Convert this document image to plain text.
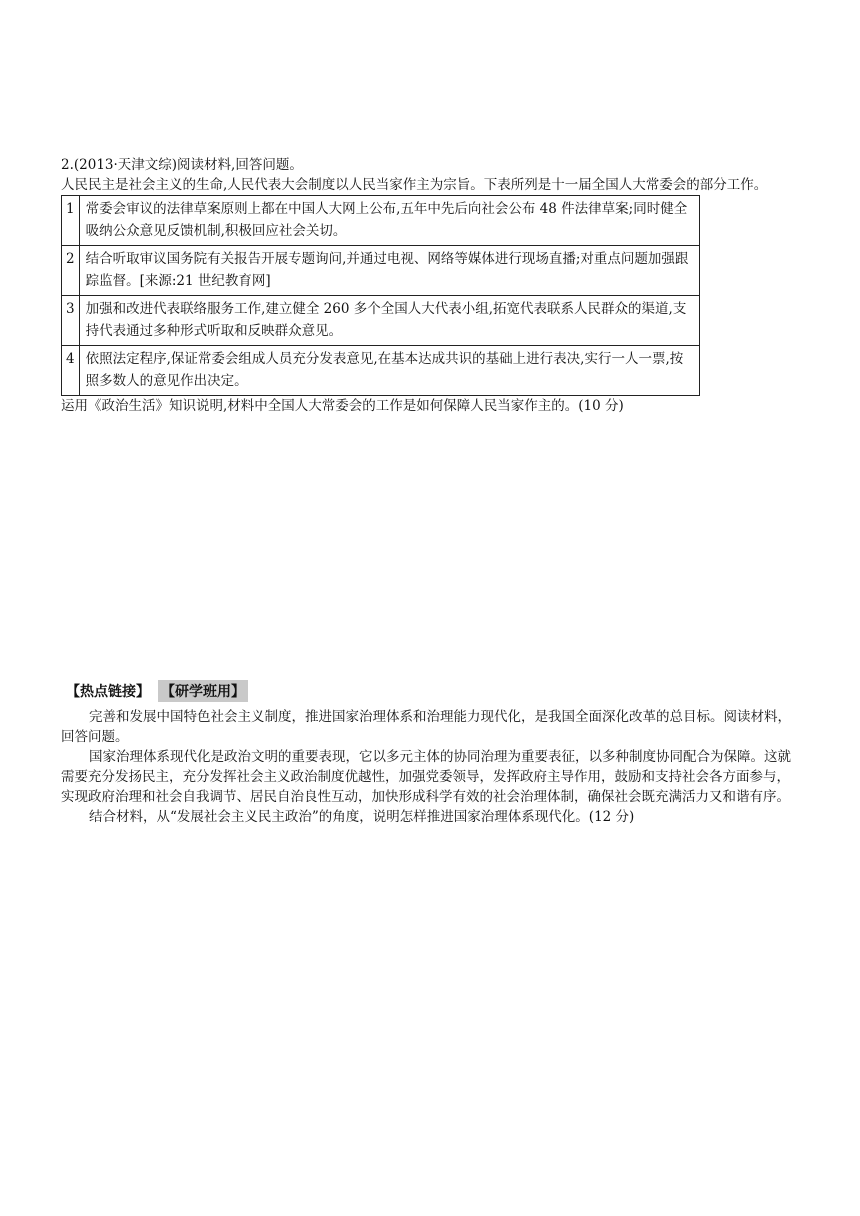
2.(2013·天津文综)阅读材料,回答问题。

人民民主是社会主义的生命,人民代表大会制度以人民当家作主为宗旨。下表所列是十一届全国人大常委会的部分工作。

1	常委会审议的法律草案原则上都在中国人大网上公布,五年中先后向社会公布 48 件法律草案;同时健全吸纳公众意见反馈机制,积极回应社会关切。
2	结合听取审议国务院有关报告开展专题询问,并通过电视、网络等媒体进行现场直播;对重点问题加强跟踪监督。[来源:21 世纪教育网]
3	加强和改进代表联络服务工作,建立健全 260 多个全国人大代表小组,拓宽代表联系人民群众的渠道,支持代表通过多种形式听取和反映群众意见。
4	依照法定程序,保证常委会组成人员充分发表意见,在基本达成共识的基础上进行表决,实行一人一票,按照多数人的意见作出决定。

运用《政治生活》知识说明,材料中全国人大常委会的工作是如何保障人民当家作主的。(10 分)

【热点链接】 【研学班用】

完善和发展中国特色社会主义制度，推进国家治理体系和治理能力现代化，是我国全面深化改革的总目标。阅读材料，回答问题。

国家治理体系现代化是政治文明的重要表现，它以多元主体的协同治理为重要表征，以多种制度协同配合为保障。这就需要充分发扬民主，充分发挥社会主义政治制度优越性，加强党委领导，发挥政府主导作用，鼓励和支持社会各方面参与，实现政府治理和社会自我调节、居民自治良性互动，加快形成科学有效的社会治理体制，确保社会既充满活力又和谐有序。

结合材料，从“发展社会主义民主政治”的角度，说明怎样推进国家治理体系现代化。(12 分)
